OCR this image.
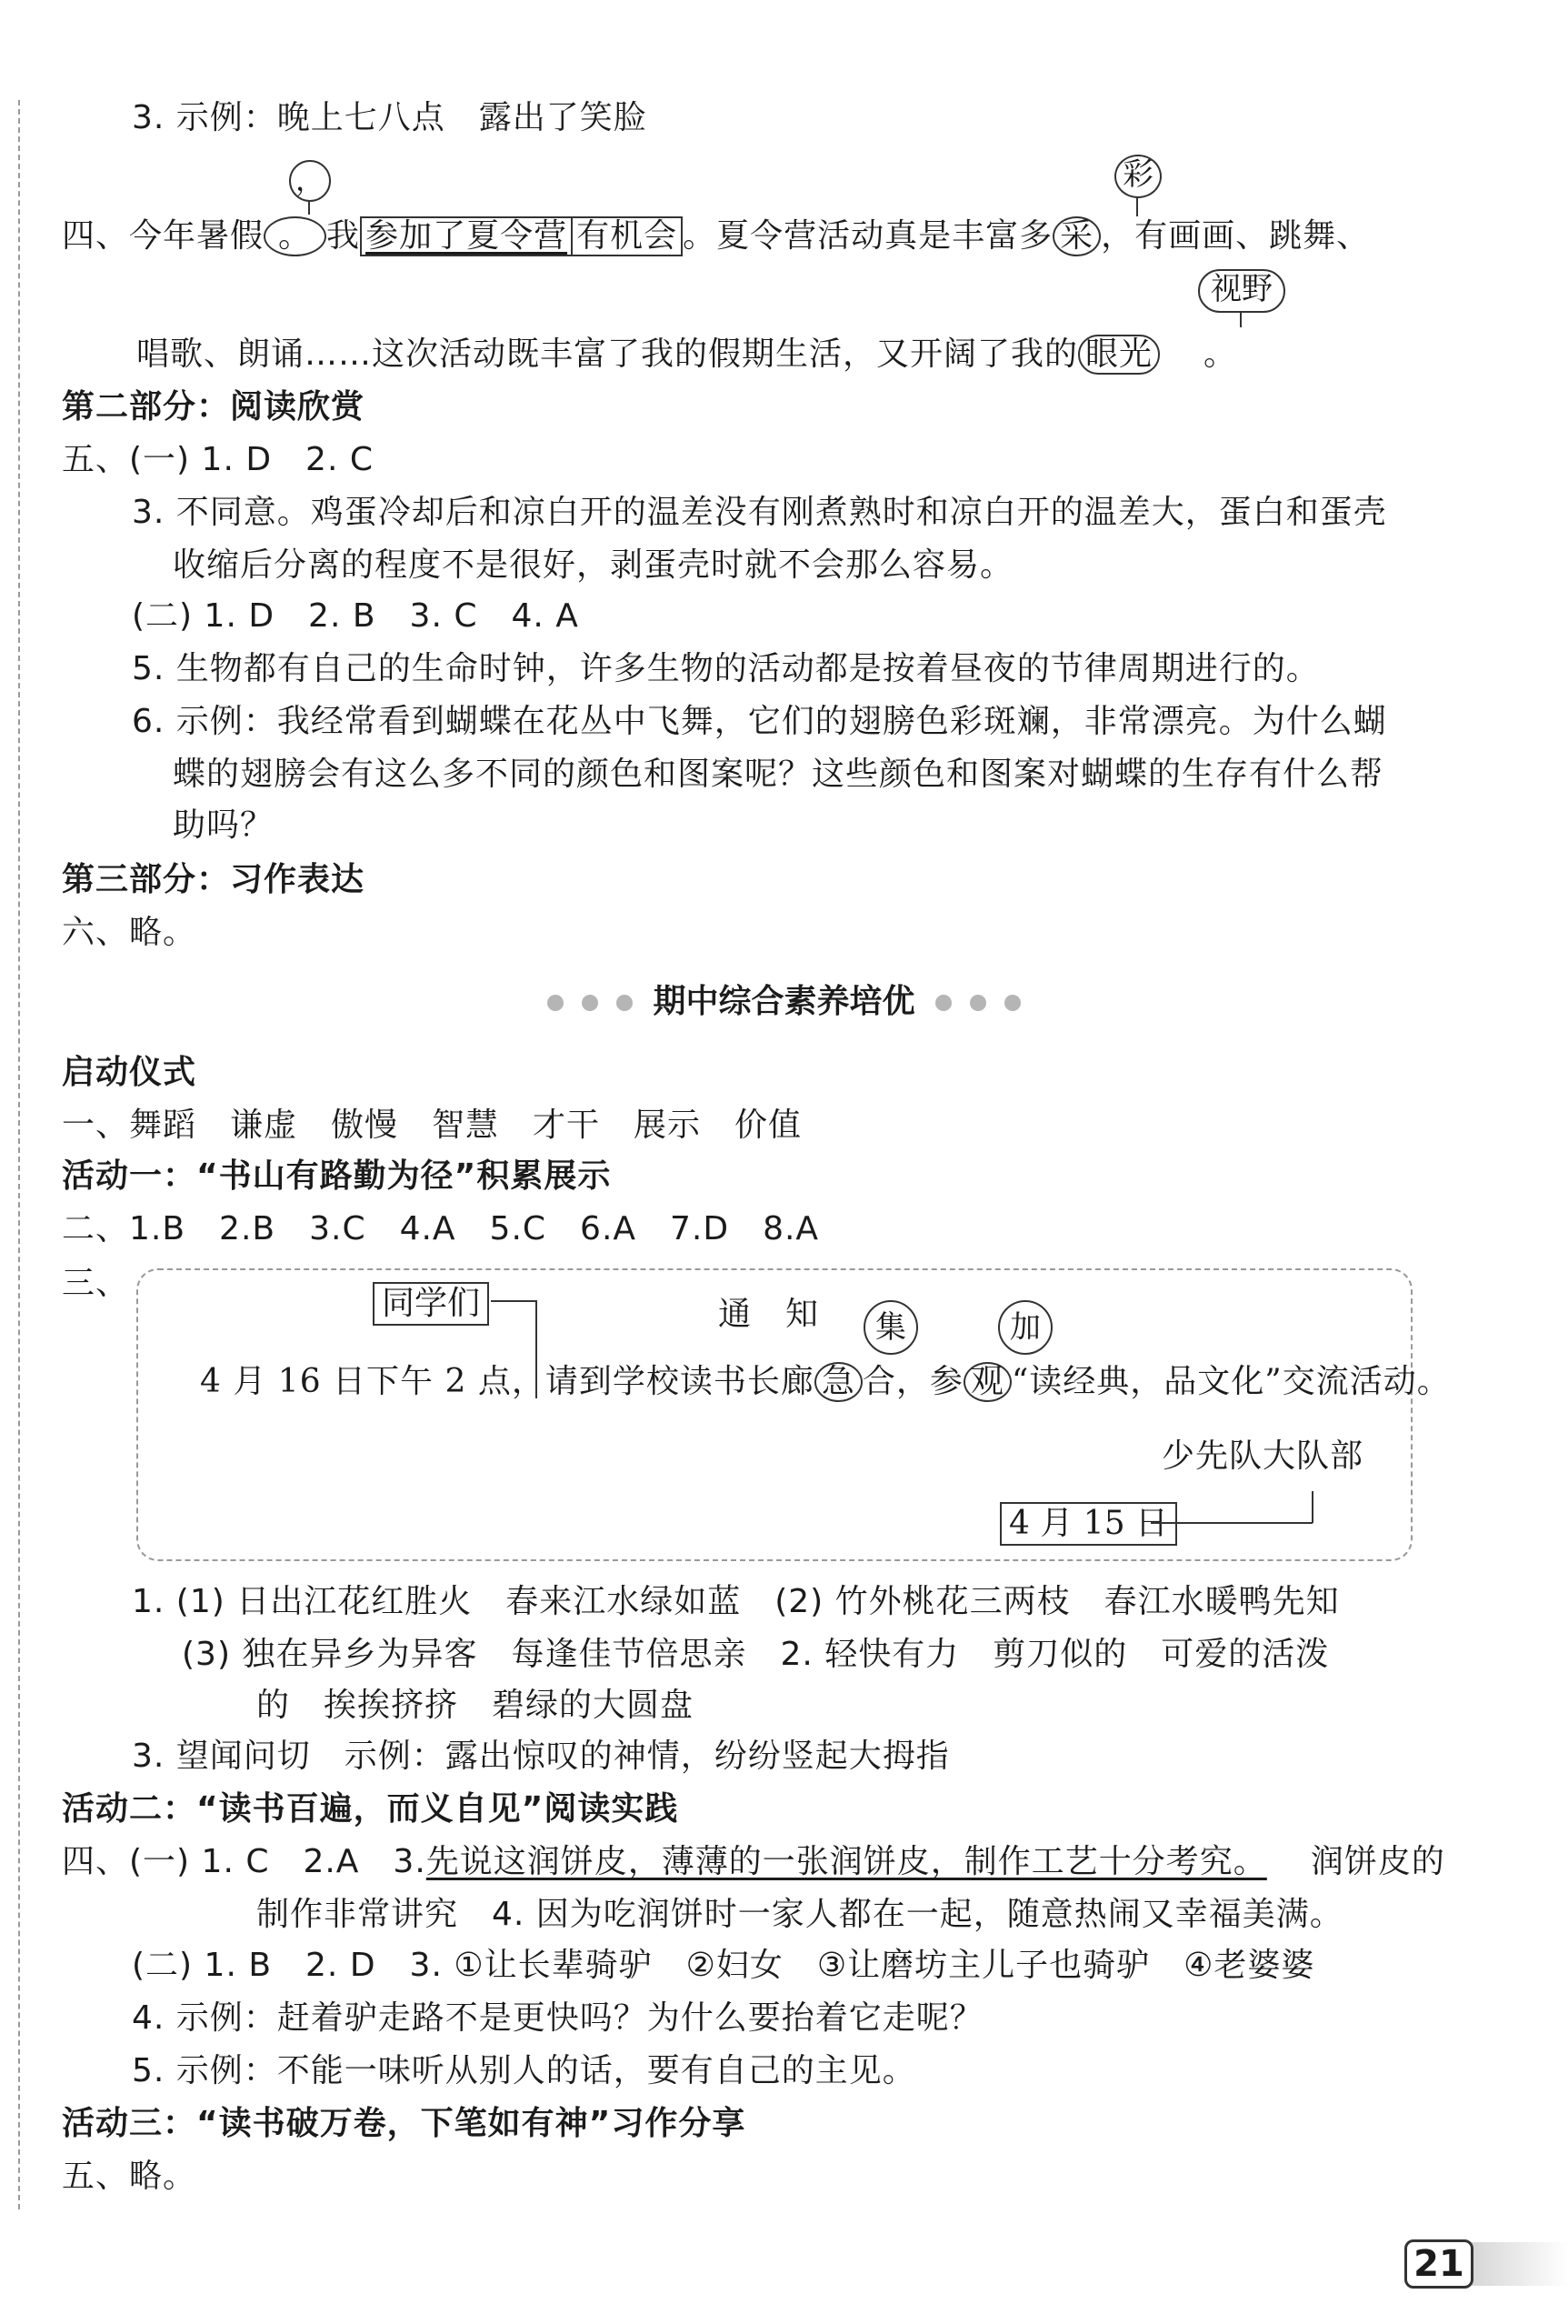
3. 示例：晚上七八点　露出了笑脸
，	彩
四、今年暑假 。 我 参加了夏令营 有机会 。夏令营活动真是丰富多 采 ，有画画、跳舞、
视野
唱歌、朗诵……这次活动既丰富了我的假期生活，又开阔了我的 眼光 。
第二部分：阅读欣赏
五、(一) 1. D　2. C
3. 不同意。鸡蛋冷却后和凉白开的温差没有刚煮熟时和凉白开的温差大，蛋白和蛋壳
收缩后分离的程度不是很好，剥蛋壳时就不会那么容易。
(二) 1. D　2. B　3. C　4. A
5. 生物都有自己的生命时钟，许多生物的活动都是按着昼夜的节律周期进行的。
6. 示例：我经常看到蝴蝶在花丛中飞舞，它们的翅膀色彩斑斓，非常漂亮。为什么蝴
蝶的翅膀会有这么多不同的颜色和图案呢？这些颜色和图案对蝴蝶的生存有什么帮
助吗？
第三部分：习作表达
六、略。
期中综合素养培优
启动仪式
一、舞蹈　谦虚　傲慢　智慧　才干　展示　价值
活动一：“书山有路勤为径”积累展示
二、1.B　2.B　3.C　4.A　5.C　6.A　7.D　8.A
三、
同学们	通　知	集	加
4 月 16 日下午 2 点，请到学校读书长廊 急 合，参 观 “读经典，品文化”交流活动。
少先队大队部
4 月 15 日
1. (1) 日出江花红胜火　春来江水绿如蓝　(2) 竹外桃花三两枝　春江水暖鸭先知
(3) 独在异乡为异客　每逢佳节倍思亲　2. 轻快有力　剪刀似的　可爱的活泼
的　挨挨挤挤　碧绿的大圆盘
3. 望闻问切　示例：露出惊叹的神情，纷纷竖起大拇指
活动二：“读书百遍，而义自见”阅读实践
四、(一) 1. C　2.A　3.先说这润饼皮，薄薄的一张润饼皮，制作工艺十分考究。 润饼皮的
制作非常讲究　4. 因为吃润饼时一家人都在一起，随意热闹又幸福美满。
(二) 1. B　2. D　3. ①让长辈骑驴　②妇女　③让磨坊主儿子也骑驴　④老婆婆
4. 示例：赶着驴走路不是更快吗？为什么要抬着它走呢？
5. 示例：不能一味听从别人的话，要有自己的主见。
活动三：“读书破万卷，下笔如有神”习作分享
五、略。
21
